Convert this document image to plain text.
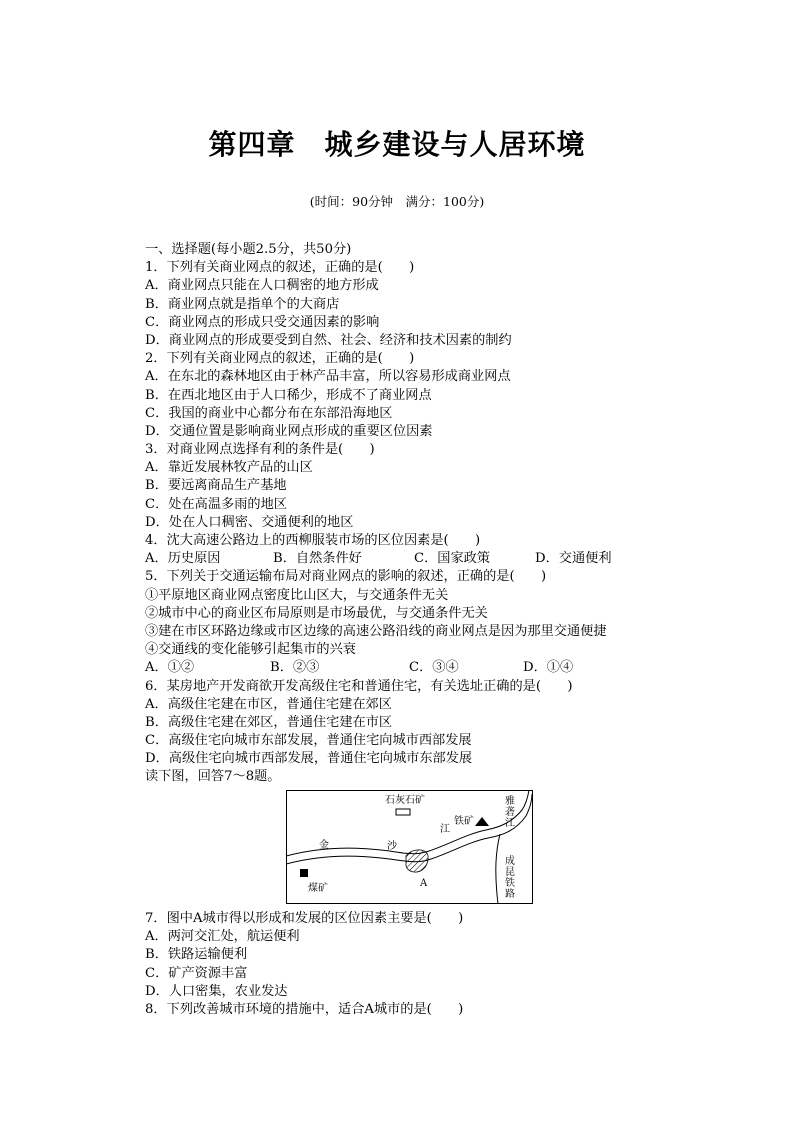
第四章　城乡建设与人居环境
(时间：90分钟　满分：100分)
一、选择题(每小题2.5分，共50分)
1．下列有关商业网点的叙述，正确的是(　　)
A．商业网点只能在人口稠密的地方形成
B．商业网点就是指单个的大商店
C．商业网点的形成只受交通因素的影响
D．商业网点的形成要受到自然、社会、经济和技术因素的制约
2．下列有关商业网点的叙述，正确的是(　　)
A．在东北的森林地区由于林产品丰富，所以容易形成商业网点
B．在西北地区由于人口稀少，形成不了商业网点
C．我国的商业中心都分布在东部沿海地区
D．交通位置是影响商业网点形成的重要区位因素
3．对商业网点选择有利的条件是(　　)
A．靠近发展林牧产品的山区
B．要远离商品生产基地
C．处在高温多雨的地区
D．处在人口稠密、交通便利的地区
4．沈大高速公路边上的西柳服装市场的区位因素是(　　)
A．历史原因	B．自然条件好	C．国家政策	D．交通便利
5．下列关于交通运输布局对商业网点的影响的叙述，正确的是(　　)
①平原地区商业网点密度比山区大，与交通条件无关
②城市中心的商业区布局原则是市场最优，与交通条件无关
③建在市区环路边缘或市区边缘的高速公路沿线的商业网点是因为那里交通便捷
④交通线的变化能够引起集市的兴衰
A．①②	B．②③	C．③④	D．①④
6．某房地产开发商欲开发高级住宅和普通住宅，有关选址正确的是(　　)
A．高级住宅建在市区，普通住宅建在郊区
B．高级住宅建在郊区，普通住宅建在市区
C．高级住宅向城市东部发展，普通住宅向城市西部发展
D．高级住宅向城市西部发展，普通住宅向城市东部发展
读下图，回答7～8题。
石灰石矿
铁矿
煤矿	A
金	沙
江
雅
砻
江
成
昆
铁
路
7．图中A城市得以形成和发展的区位因素主要是(　　)
A．两河交汇处，航运便利
B．铁路运输便利
C．矿产资源丰富
D．人口密集，农业发达
8．下列改善城市环境的措施中，适合A城市的是(　　)
